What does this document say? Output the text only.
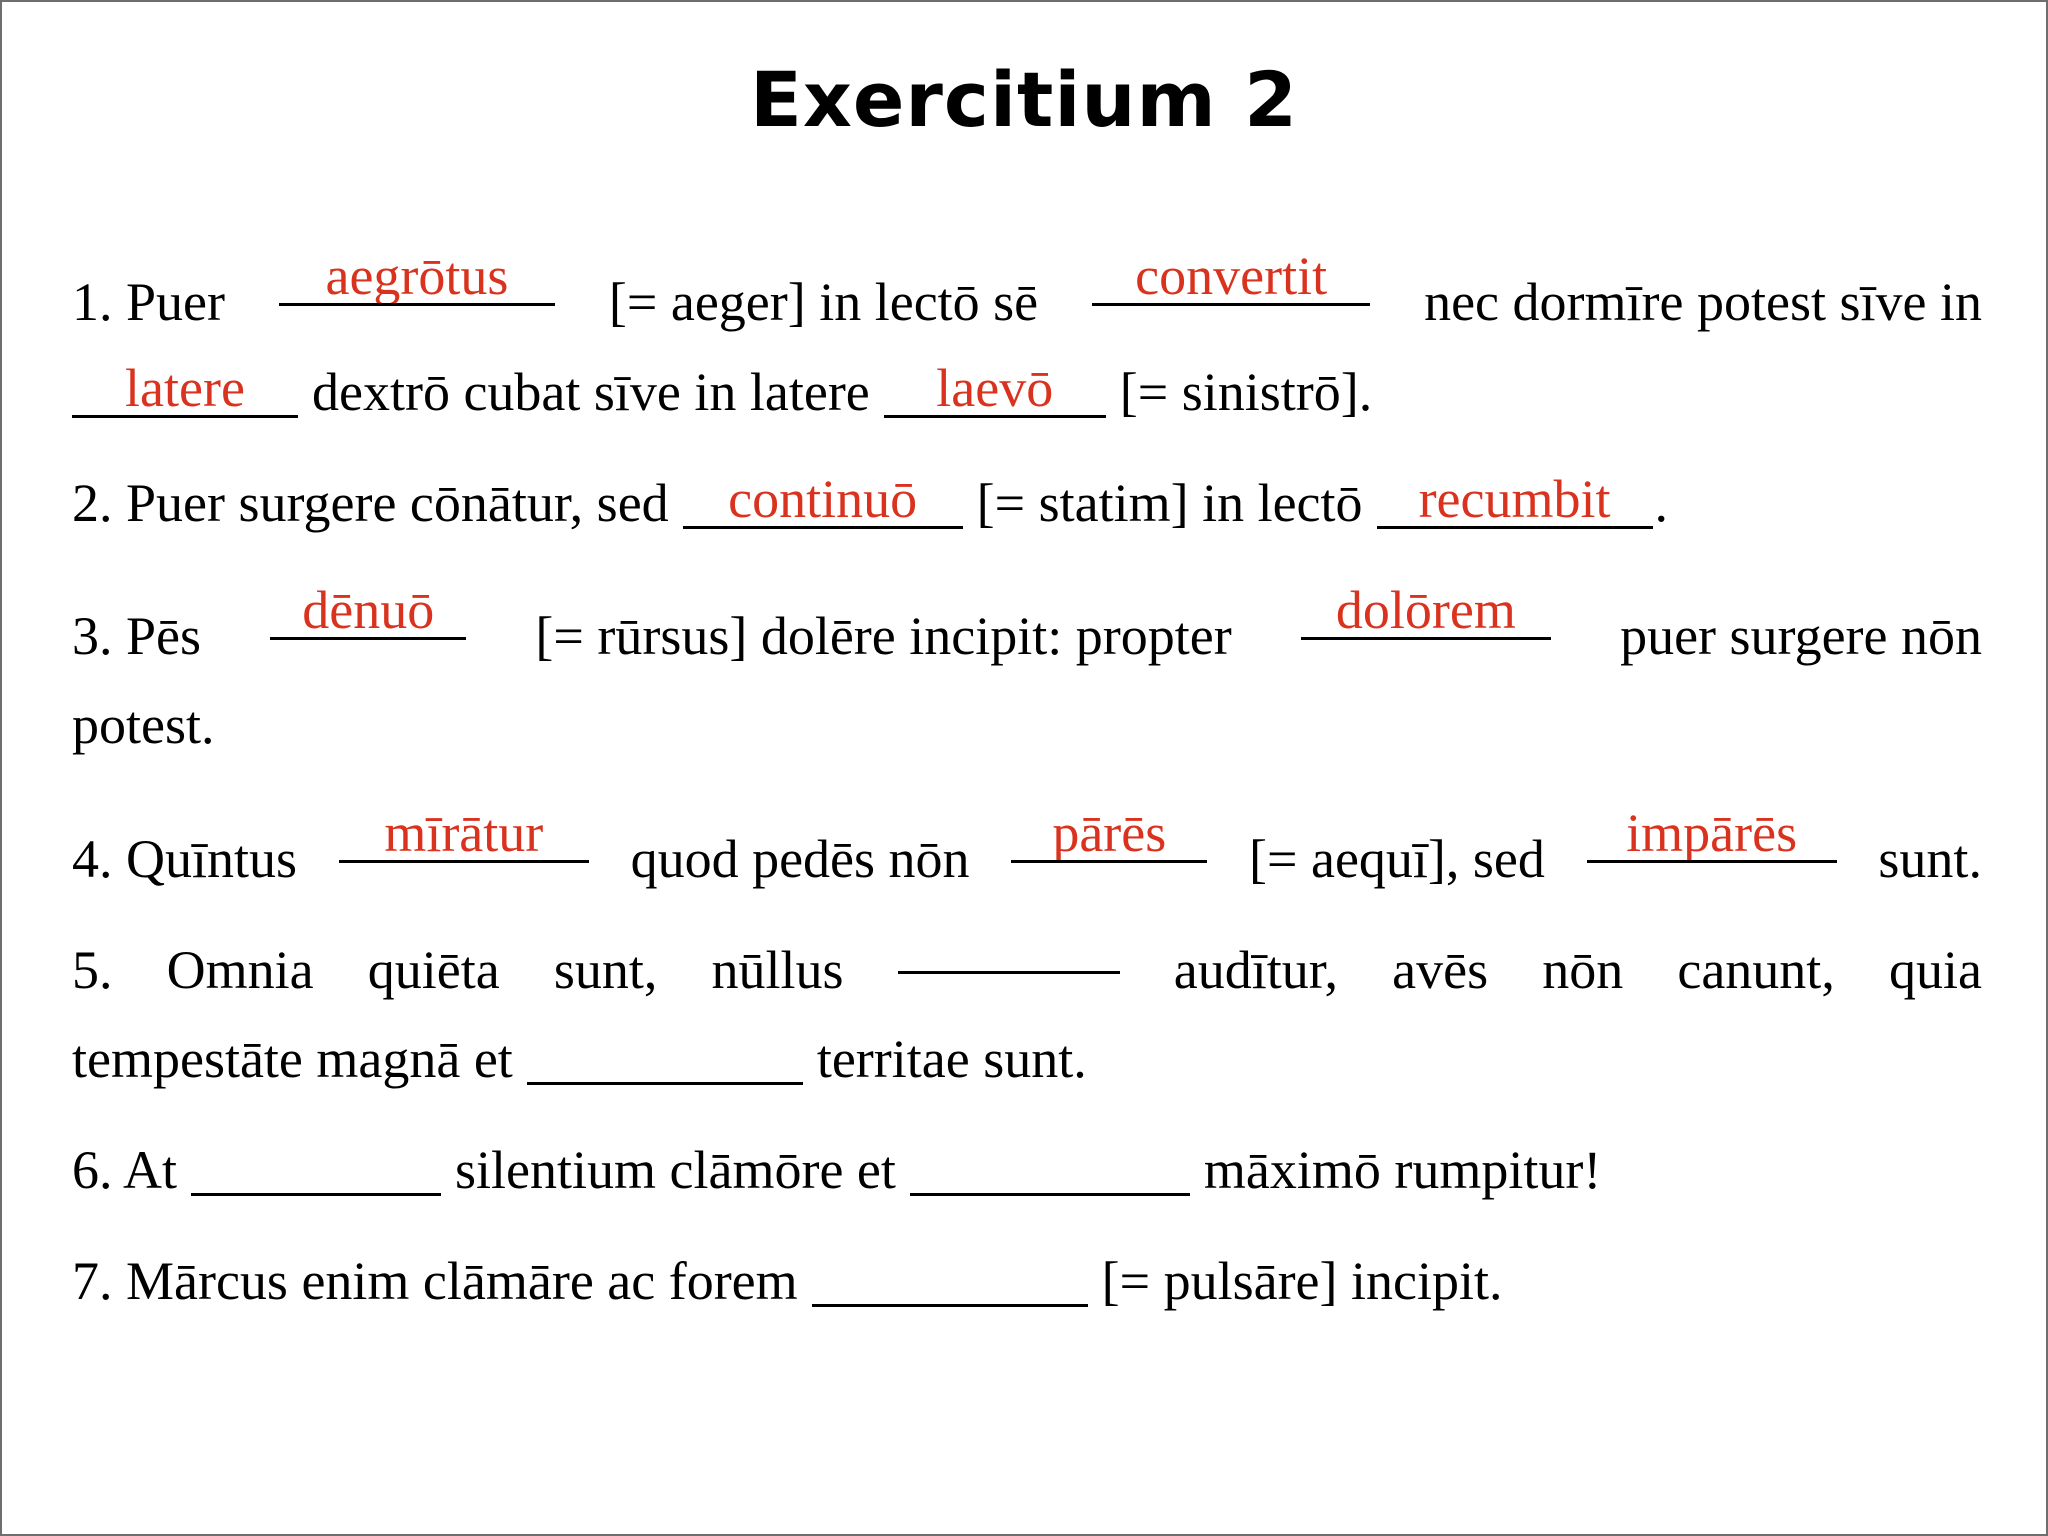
Exercitium 2
1. Puer	aegrōtus	[= aeger] in lectō sē	convertit	nec dormīre potest sīve in
latere	dextrō cubat sīve in latere	laevō	[= sinistrō].
2. Puer surgere cōnātur, sed	continuō	[= statim] in lectō	recumbit .
3. Pēs	dēnuō	[= rūrsus] dolēre incipit: propter	dolōrem	puer surgere nōn
potest.
4. Quīntus	mīrātur	quod pedēs nōn	pārēs	[= aequī], sed	impārēs	sunt.
5. Omnia quiēta sunt, nūllus	audītur, avēs nōn canunt, quia
tempestāte magnā et	territae sunt.
6. At	silentium clāmōre et	māximō rumpitur!
7. Mārcus enim clāmāre ac forem	[= pulsāre] incipit.
